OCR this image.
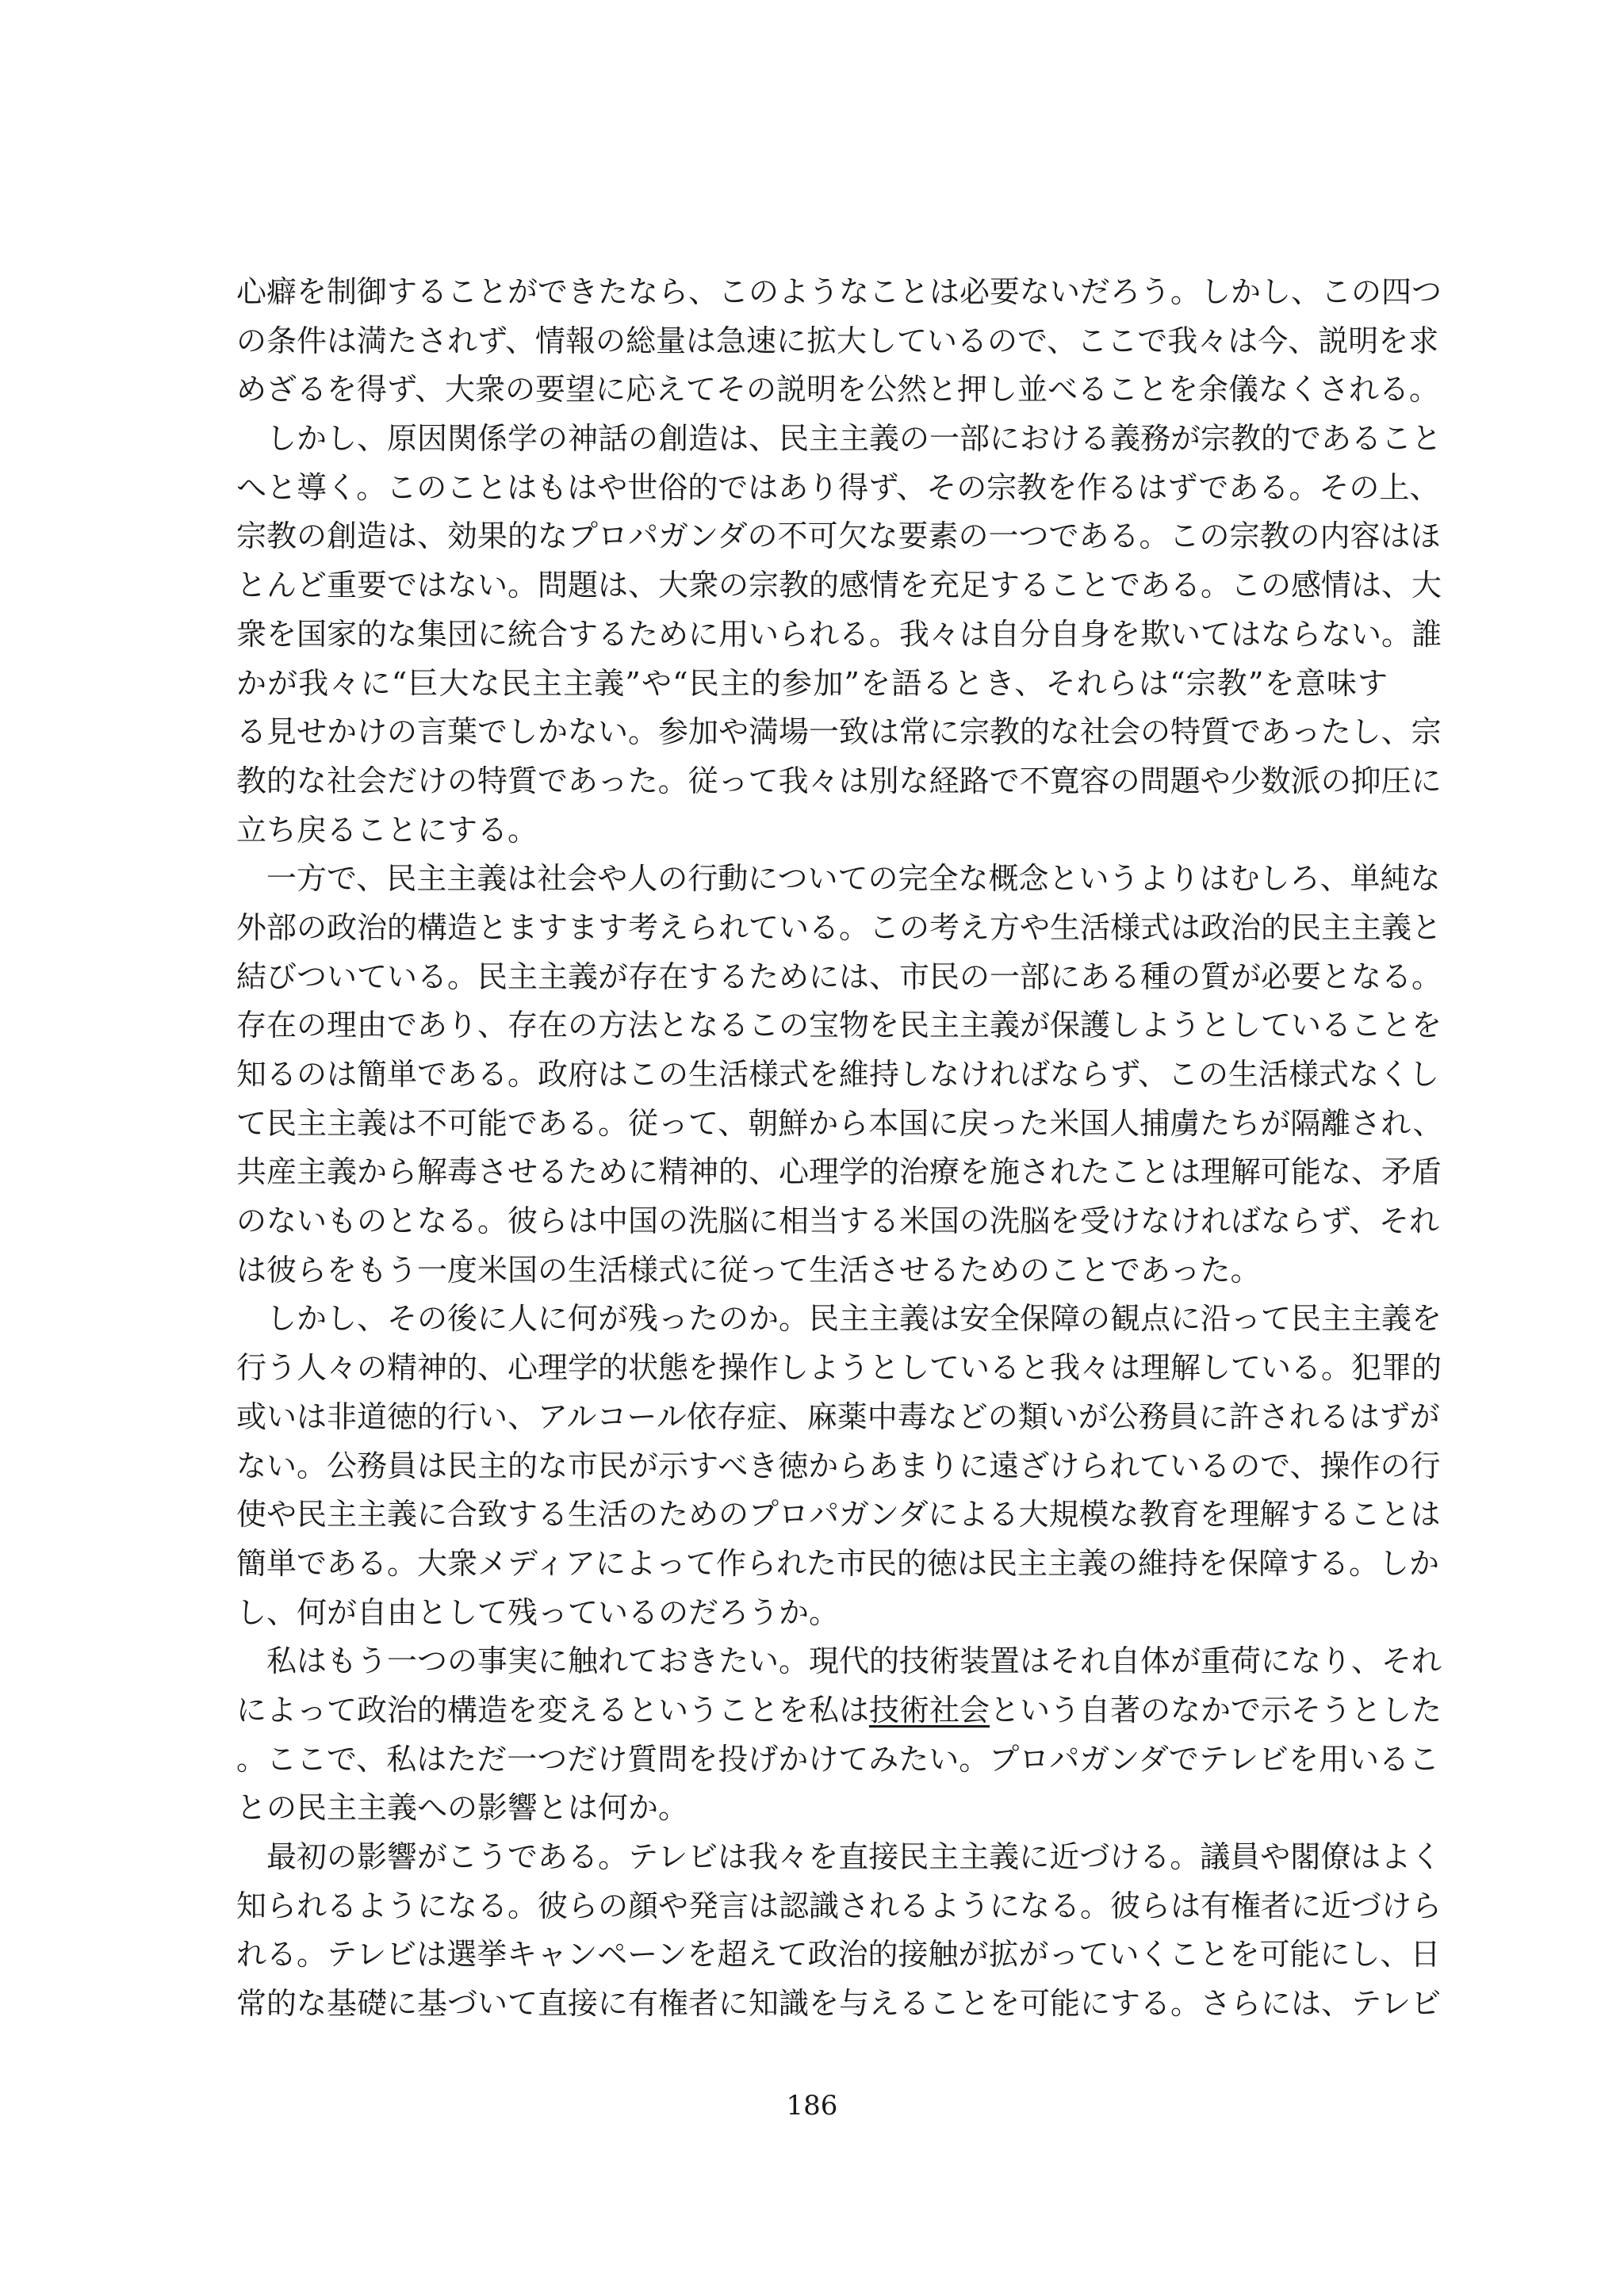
心癖を制御することができたなら、このようなことは必要ないだろう。しかし、この四つ
の条件は満たされず、情報の総量は急速に拡大しているので、ここで我々は今、説明を求
めざるを得ず、大衆の要望に応えてその説明を公然と押し並べることを余儀なくされる。
しかし、原因関係学の神話の創造は、民主主義の一部における義務が宗教的であること
へと導く。このことはもはや世俗的ではあり得ず、その宗教を作るはずである。その上、
宗教の創造は、効果的なプロパガンダの不可欠な要素の一つである。この宗教の内容はほ
とんど重要ではない。問題は、大衆の宗教的感情を充足することである。この感情は、大
衆を国家的な集団に統合するために用いられる。我々は自分自身を欺いてはならない。誰
かが我々に“巨大な民主主義”や“民主的参加”を語るとき、それらは“宗教”を意味す
る見せかけの言葉でしかない。参加や満場一致は常に宗教的な社会の特質であったし、宗
教的な社会だけの特質であった。従って我々は別な経路で不寛容の問題や少数派の抑圧に
立ち戻ることにする。
一方で、民主主義は社会や人の行動についての完全な概念というよりはむしろ、単純な
外部の政治的構造とますます考えられている。この考え方や生活様式は政治的民主主義と
結びついている。民主主義が存在するためには、市民の一部にある種の質が必要となる。
存在の理由であり、存在の方法となるこの宝物を民主主義が保護しようとしていることを
知るのは簡単である。政府はこの生活様式を維持しなければならず、この生活様式なくし
て民主主義は不可能である。従って、朝鮮から本国に戻った米国人捕虜たちが隔離され、
共産主義から解毒させるために精神的、心理学的治療を施されたことは理解可能な、矛盾
のないものとなる。彼らは中国の洗脳に相当する米国の洗脳を受けなければならず、それ
は彼らをもう一度米国の生活様式に従って生活させるためのことであった。
しかし、その後に人に何が残ったのか。民主主義は安全保障の観点に沿って民主主義を
行う人々の精神的、心理学的状態を操作しようとしていると我々は理解している。犯罪的
或いは非道徳的行い、アルコール依存症、麻薬中毒などの類いが公務員に許されるはずが
ない。公務員は民主的な市民が示すべき徳からあまりに遠ざけられているので、操作の行
使や民主主義に合致する生活のためのプロパガンダによる大規模な教育を理解することは
簡単である。大衆メディアによって作られた市民的徳は民主主義の維持を保障する。しか
し、何が自由として残っているのだろうか。
私はもう一つの事実に触れておきたい。現代的技術装置はそれ自体が重荷になり、それ
によって政治的構造を変えるということを私は技術社会という自著のなかで示そうとした
。ここで、私はただ一つだけ質問を投げかけてみたい。プロパガンダでテレビを用いるこ
との民主主義への影響とは何か。
最初の影響がこうである。テレビは我々を直接民主主義に近づける。議員や閣僚はよく
知られるようになる。彼らの顔や発言は認識されるようになる。彼らは有権者に近づけら
れる。テレビは選挙キャンペーンを超えて政治的接触が拡がっていくことを可能にし、日
常的な基礎に基づいて直接に有権者に知識を与えることを可能にする。さらには、テレビ
186
